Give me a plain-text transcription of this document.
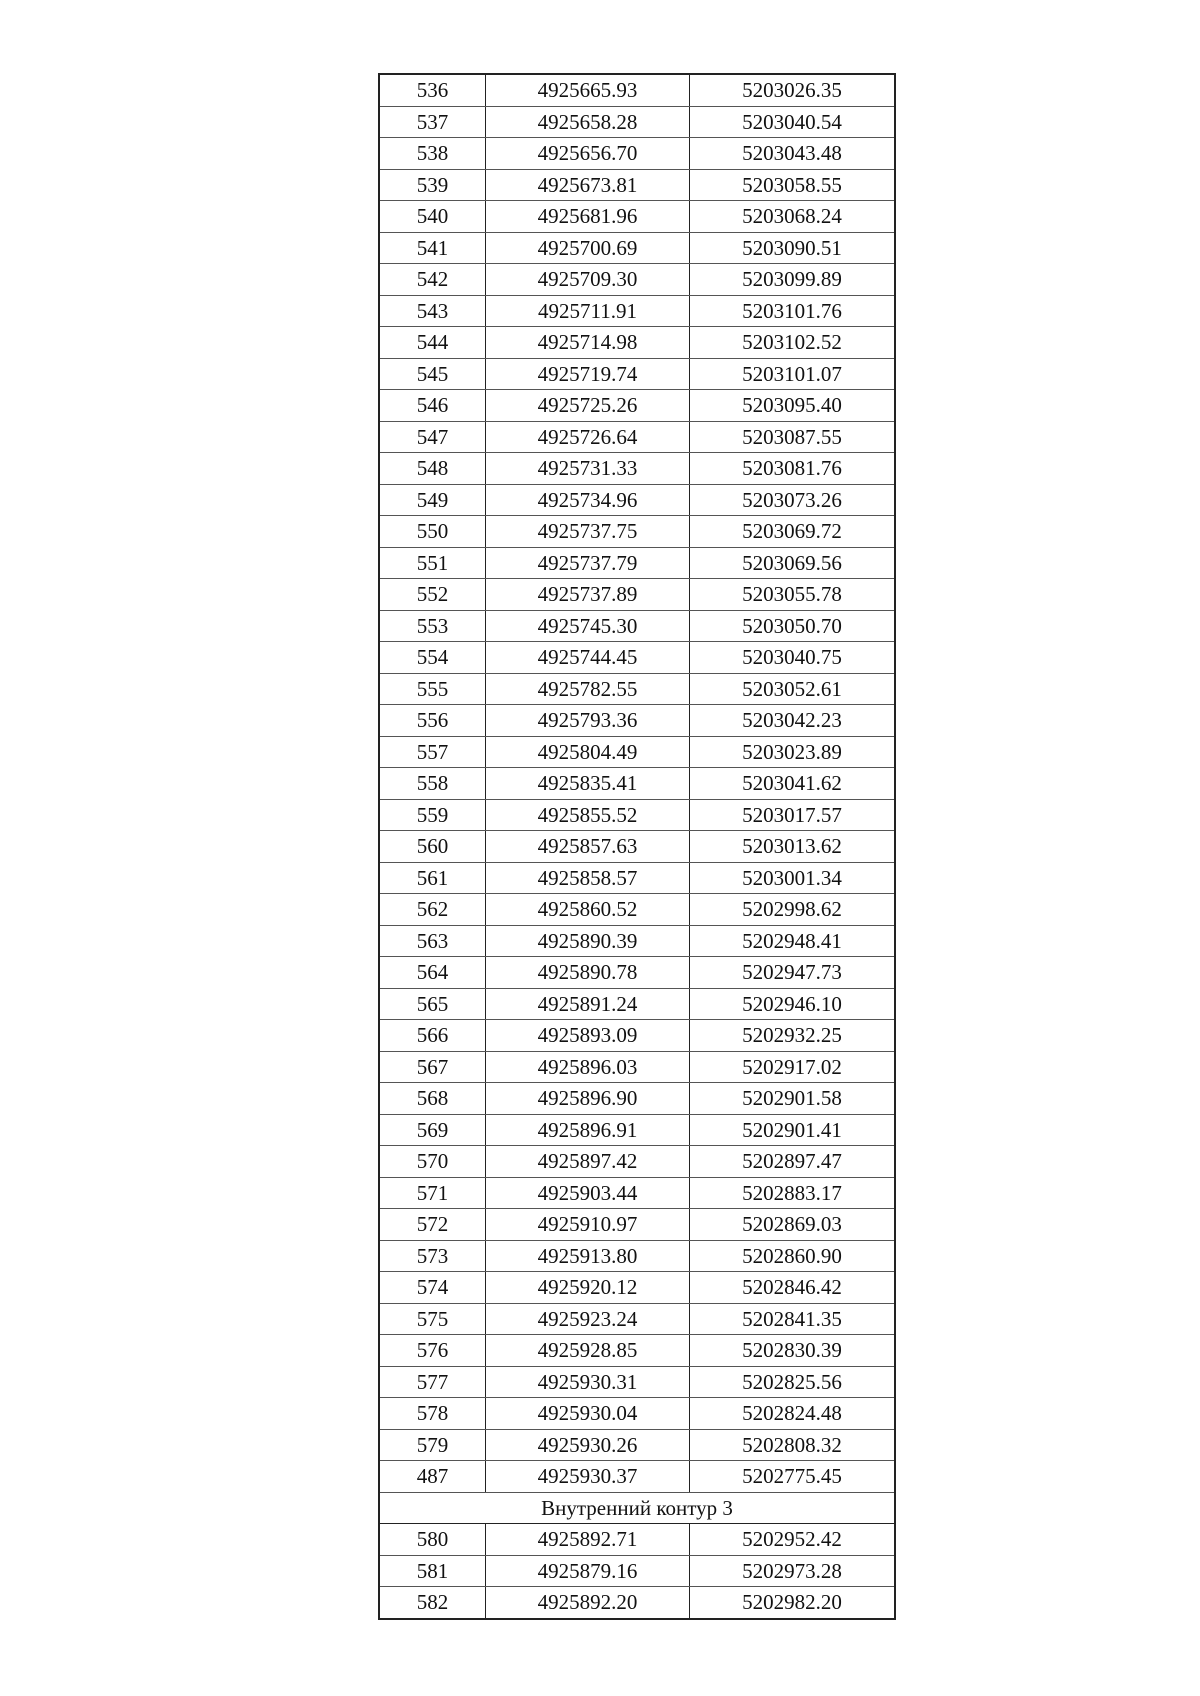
536	4925665.93	5203026.35
537	4925658.28	5203040.54
538	4925656.70	5203043.48
539	4925673.81	5203058.55
540	4925681.96	5203068.24
541	4925700.69	5203090.51
542	4925709.30	5203099.89
543	4925711.91	5203101.76
544	4925714.98	5203102.52
545	4925719.74	5203101.07
546	4925725.26	5203095.40
547	4925726.64	5203087.55
548	4925731.33	5203081.76
549	4925734.96	5203073.26
550	4925737.75	5203069.72
551	4925737.79	5203069.56
552	4925737.89	5203055.78
553	4925745.30	5203050.70
554	4925744.45	5203040.75
555	4925782.55	5203052.61
556	4925793.36	5203042.23
557	4925804.49	5203023.89
558	4925835.41	5203041.62
559	4925855.52	5203017.57
560	4925857.63	5203013.62
561	4925858.57	5203001.34
562	4925860.52	5202998.62
563	4925890.39	5202948.41
564	4925890.78	5202947.73
565	4925891.24	5202946.10
566	4925893.09	5202932.25
567	4925896.03	5202917.02
568	4925896.90	5202901.58
569	4925896.91	5202901.41
570	4925897.42	5202897.47
571	4925903.44	5202883.17
572	4925910.97	5202869.03
573	4925913.80	5202860.90
574	4925920.12	5202846.42
575	4925923.24	5202841.35
576	4925928.85	5202830.39
577	4925930.31	5202825.56
578	4925930.04	5202824.48
579	4925930.26	5202808.32
487	4925930.37	5202775.45
Внутренний контур 3		
580	4925892.71	5202952.42
581	4925879.16	5202973.28
582	4925892.20	5202982.20
